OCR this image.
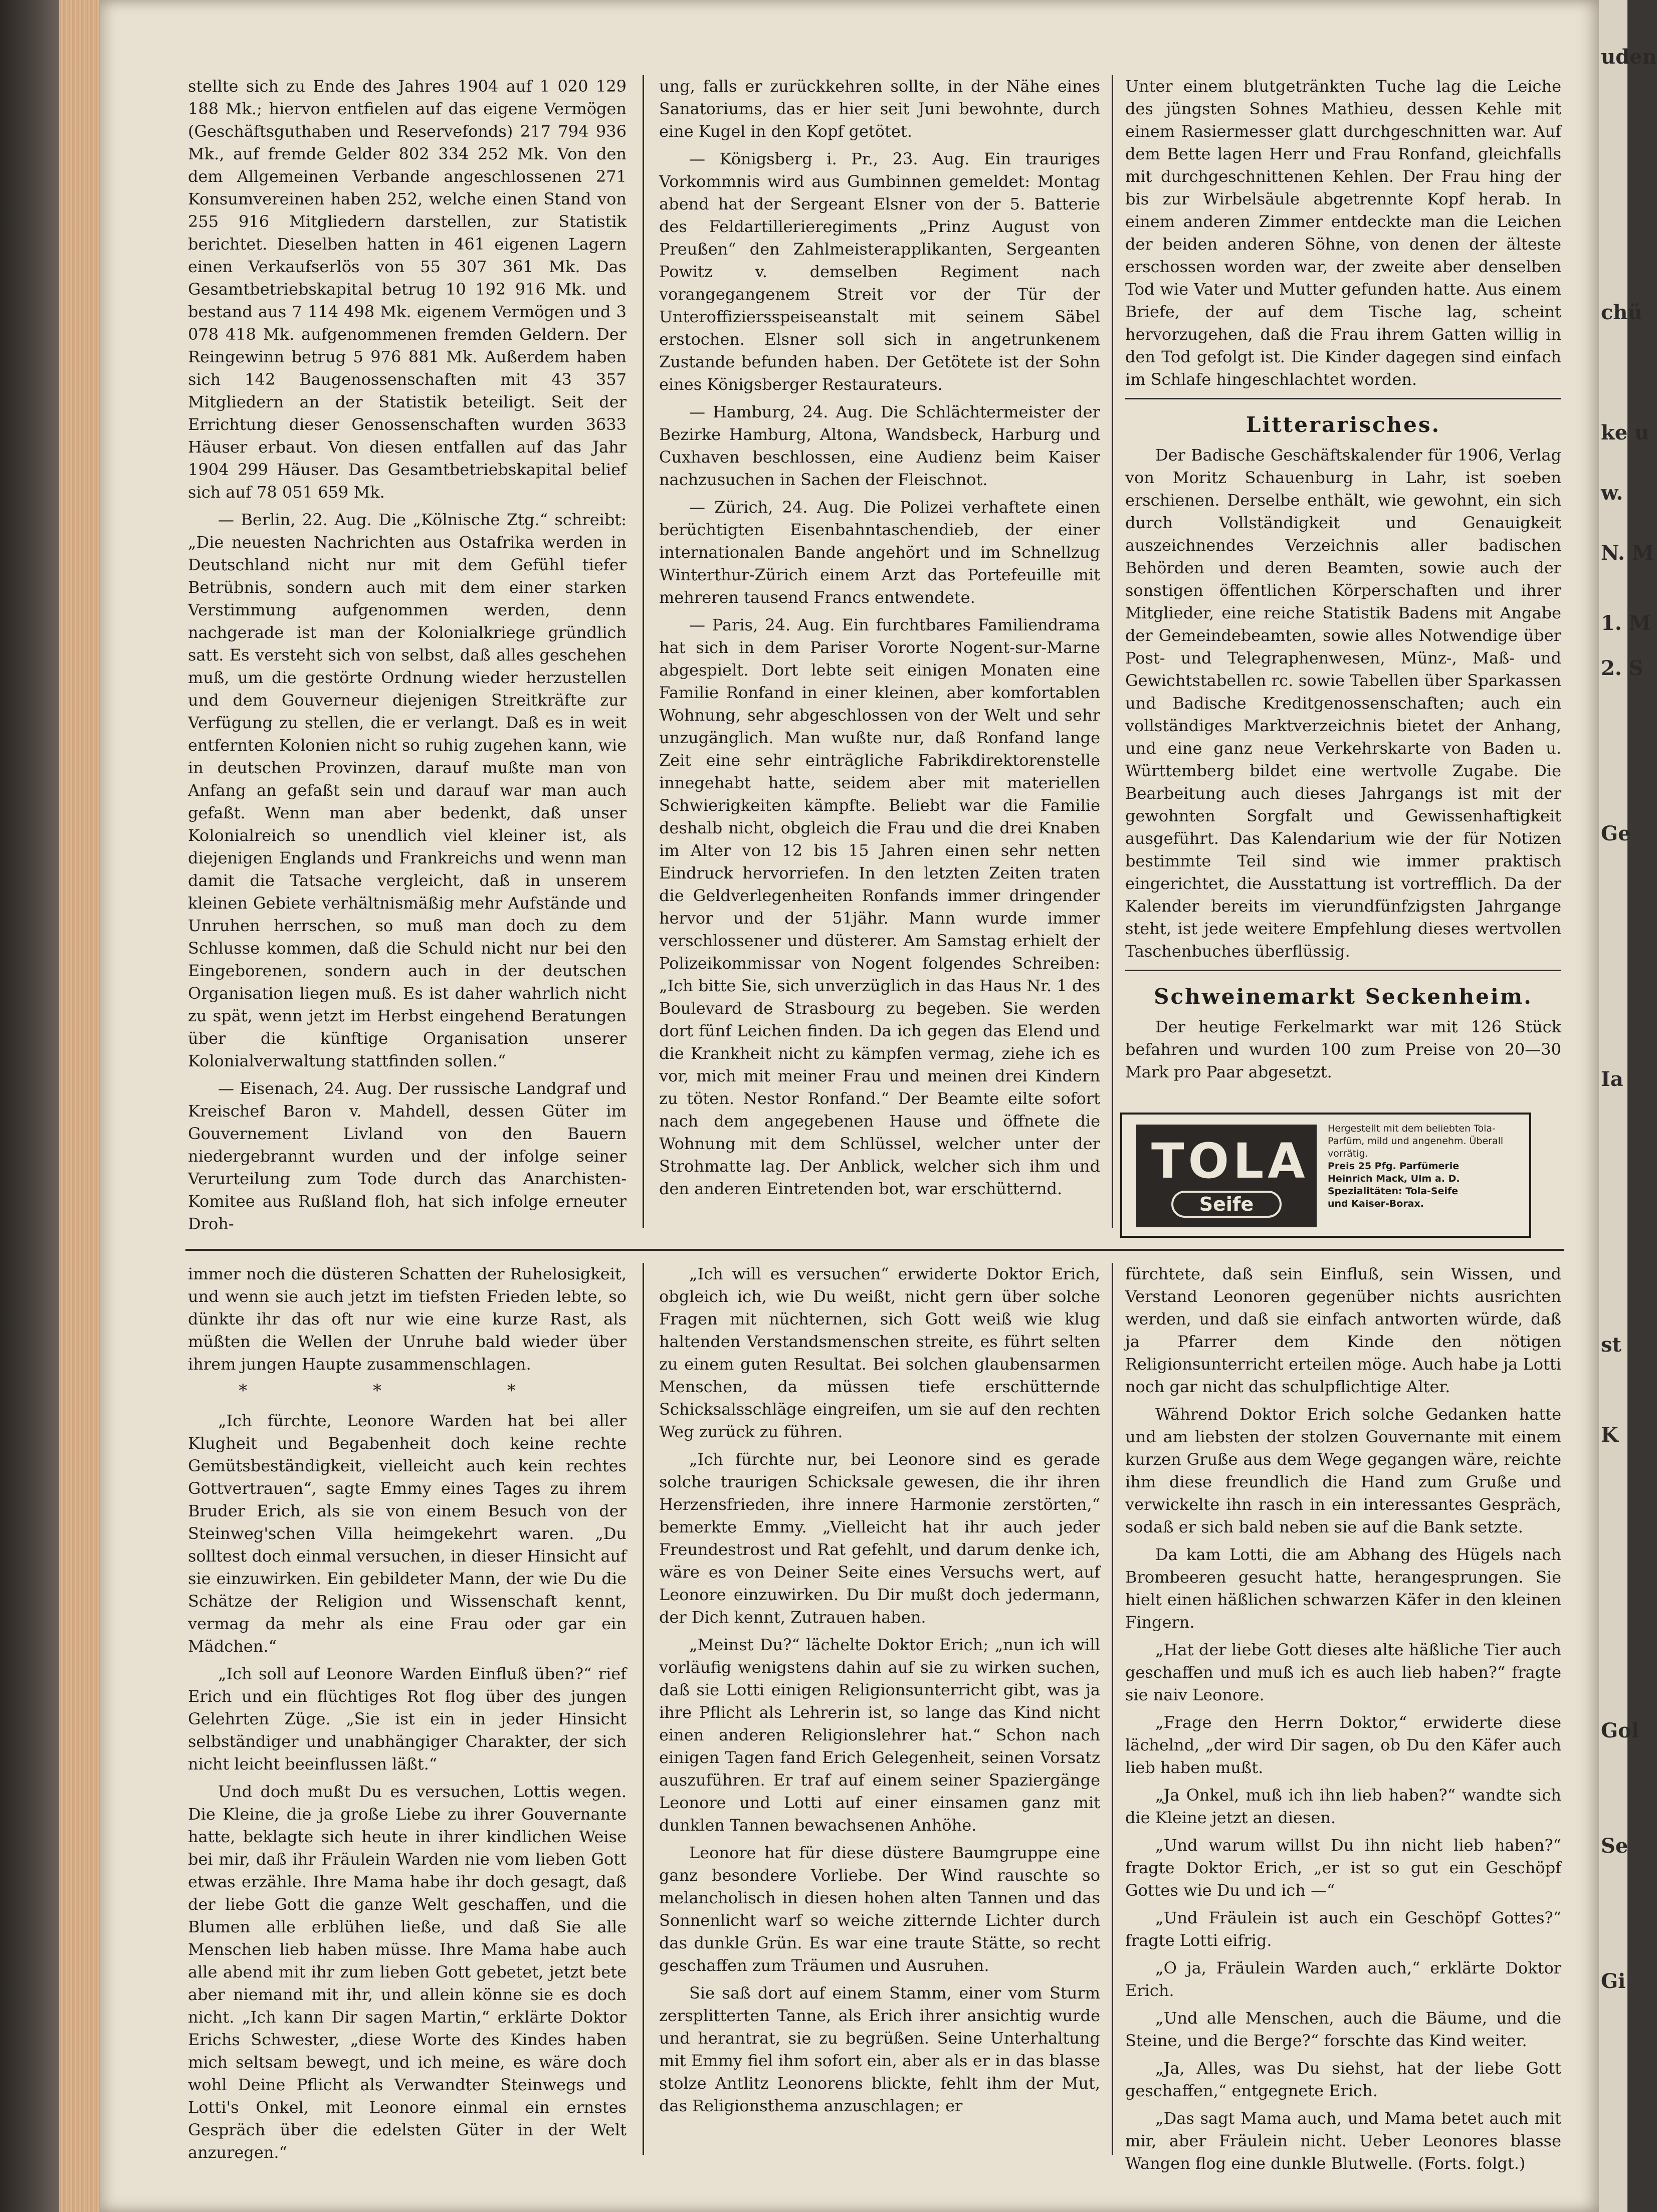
stellte sich zu Ende des Jahres 1904 auf 1 020 129 188 Mk.; hiervon entfielen auf das eigene Vermögen (Geschäftsguthaben und Reservefonds) 217 794 936 Mk., auf fremde Gelder 802 334 252 Mk. Von den dem Allgemeinen Verbande angeschlossenen 271 Konsumvereinen haben 252, welche einen Stand von 255 916 Mitgliedern darstellen, zur Statistik berichtet. Dieselben hatten in 461 eigenen Lagern einen Verkaufserlös von 55 307 361 Mk. Das Gesamtbetriebskapital betrug 10 192 916 Mk. und bestand aus 7 114 498 Mk. eigenem Vermögen und 3 078 418 Mk. aufgenommenen fremden Geldern. Der Reingewinn betrug 5 976 881 Mk. Außerdem haben sich 142 Baugenossenschaften mit 43 357 Mitgliedern an der Statistik beteiligt. Seit der Errichtung dieser Genossenschaften wurden 3633 Häuser erbaut. Von diesen entfallen auf das Jahr 1904 299 Häuser. Das Gesamtbetriebskapital belief sich auf 78 051 659 Mk.

— Berlin, 22. Aug. Die „Kölnische Ztg.“ schreibt: „Die neuesten Nachrichten aus Ostafrika werden in Deutschland nicht nur mit dem Gefühl tiefer Betrübnis, sondern auch mit dem einer starken Verstimmung aufgenommen werden, denn nachgerade ist man der Kolonialkriege gründlich satt. Es versteht sich von selbst, daß alles geschehen muß, um die gestörte Ordnung wieder herzustellen und dem Gouverneur diejenigen Streitkräfte zur Verfügung zu stellen, die er verlangt. Daß es in weit entfernten Kolonien nicht so ruhig zugehen kann, wie in deutschen Provinzen, darauf mußte man von Anfang an gefaßt sein und darauf war man auch gefaßt. Wenn man aber bedenkt, daß unser Kolonialreich so unendlich viel kleiner ist, als diejenigen Englands und Frankreichs und wenn man damit die Tatsache vergleicht, daß in unserem kleinen Gebiete verhältnismäßig mehr Aufstände und Unruhen herrschen, so muß man doch zu dem Schlusse kommen, daß die Schuld nicht nur bei den Eingeborenen, sondern auch in der deutschen Organisation liegen muß. Es ist daher wahrlich nicht zu spät, wenn jetzt im Herbst eingehend Beratungen über die künftige Organisation unserer Kolonialverwaltung stattfinden sollen.“

— Eisenach, 24. Aug. Der russische Landgraf und Kreischef Baron v. Mahdell, dessen Güter im Gouvernement Livland von den Bauern niedergebrannt wurden und der infolge seiner Verurteilung zum Tode durch das Anarchisten-Komitee aus Rußland floh, hat sich infolge erneuter Droh-

ung, falls er zurückkehren sollte, in der Nähe eines Sanatoriums, das er hier seit Juni bewohnte, durch eine Kugel in den Kopf getötet.

— Königsberg i. Pr., 23. Aug. Ein trauriges Vorkommnis wird aus Gumbinnen gemeldet: Montag abend hat der Sergeant Elsner von der 5. Batterie des Feldartillerieregiments „Prinz August von Preußen“ den Zahlmeisterapplikanten, Sergeanten Powitz v. demselben Regiment nach vorangegangenem Streit vor der Tür der Unteroffiziersspeiseanstalt mit seinem Säbel erstochen. Elsner soll sich in angetrunkenem Zustande befunden haben. Der Getötete ist der Sohn eines Königsberger Restaurateurs.

— Hamburg, 24. Aug. Die Schlächtermeister der Bezirke Hamburg, Altona, Wandsbeck, Harburg und Cuxhaven beschlossen, eine Audienz beim Kaiser nachzusuchen in Sachen der Fleischnot.

— Zürich, 24. Aug. Die Polizei verhaftete einen berüchtigten Eisenbahntaschendieb, der einer internationalen Bande angehört und im Schnellzug Winterthur-Zürich einem Arzt das Portefeuille mit mehreren tausend Francs entwendete.

— Paris, 24. Aug. Ein furchtbares Familiendrama hat sich in dem Pariser Vororte Nogent-sur-Marne abgespielt. Dort lebte seit einigen Monaten eine Familie Ronfand in einer kleinen, aber komfortablen Wohnung, sehr abgeschlossen von der Welt und sehr unzugänglich. Man wußte nur, daß Ronfand lange Zeit eine sehr einträgliche Fabrikdirektorenstelle innegehabt hatte, seidem aber mit materiellen Schwierigkeiten kämpfte. Beliebt war die Familie deshalb nicht, obgleich die Frau und die drei Knaben im Alter von 12 bis 15 Jahren einen sehr netten Eindruck hervorriefen. In den letzten Zeiten traten die Geldverlegenheiten Ronfands immer dringender hervor und der 51jähr. Mann wurde immer verschlossener und düsterer. Am Samstag erhielt der Polizeikommissar von Nogent folgendes Schreiben: „Ich bitte Sie, sich unverzüglich in das Haus Nr. 1 des Boulevard de Strasbourg zu begeben. Sie werden dort fünf Leichen finden. Da ich gegen das Elend und die Krankheit nicht zu kämpfen vermag, ziehe ich es vor, mich mit meiner Frau und meinen drei Kindern zu töten. Nestor Ronfand.“ Der Beamte eilte sofort nach dem angegebenen Hause und öffnete die Wohnung mit dem Schlüssel, welcher unter der Strohmatte lag. Der Anblick, welcher sich ihm und den anderen Eintretenden bot, war erschütternd.

Unter einem blutgetränkten Tuche lag die Leiche des jüngsten Sohnes Mathieu, dessen Kehle mit einem Rasiermesser glatt durchgeschnitten war. Auf dem Bette lagen Herr und Frau Ronfand, gleichfalls mit durchgeschnittenen Kehlen. Der Frau hing der bis zur Wirbelsäule abgetrennte Kopf herab. In einem anderen Zimmer entdeckte man die Leichen der beiden anderen Söhne, von denen der älteste erschossen worden war, der zweite aber denselben Tod wie Vater und Mutter gefunden hatte. Aus einem Briefe, der auf dem Tische lag, scheint hervorzugehen, daß die Frau ihrem Gatten willig in den Tod gefolgt ist. Die Kinder dagegen sind einfach im Schlafe hingeschlachtet worden.

Litterarisches.

Der Badische Geschäftskalender für 1906, Verlag von Moritz Schauenburg in Lahr, ist soeben erschienen. Derselbe enthält, wie gewohnt, ein sich durch Vollständigkeit und Genauigkeit auszeichnendes Verzeichnis aller badischen Behörden und deren Beamten, sowie auch der sonstigen öffentlichen Körperschaften und ihrer Mitglieder, eine reiche Statistik Badens mit Angabe der Gemeindebeamten, sowie alles Notwendige über Post- und Telegraphenwesen, Münz-, Maß- und Gewichtstabellen rc. sowie Tabellen über Sparkassen und Badische Kreditgenossenschaften; auch ein vollständiges Marktverzeichnis bietet der Anhang, und eine ganz neue Verkehrskarte von Baden u. Württemberg bildet eine wertvolle Zugabe. Die Bearbeitung auch dieses Jahrgangs ist mit der gewohnten Sorgfalt und Gewissenhaftigkeit ausgeführt. Das Kalendarium wie der für Notizen bestimmte Teil sind wie immer praktisch eingerichtet, die Ausstattung ist vortrefflich. Da der Kalender bereits im vierundfünfzigsten Jahrgange steht, ist jede weitere Empfehlung dieses wertvollen Taschenbuches überflüssig.

Schweinemarkt Seckenheim.

Der heutige Ferkelmarkt war mit 126 Stück befahren und wurden 100 zum Preise von 20—30 Mark pro Paar abgesetzt.

TOLA
Seife
Hergestellt mit dem beliebten Tola-Parfüm, mild und angenehm. Überall vorrätig.
Preis 25 Pfg. Parfümerie
Heinrich Mack, Ulm a. D.
Spezialitäten: Tola-Seife
und Kaiser-Borax.

immer noch die düsteren Schatten der Ruhelosigkeit, und wenn sie auch jetzt im tiefsten Frieden lebte, so dünkte ihr das oft nur wie eine kurze Rast, als müßten die Wellen der Unruhe bald wieder über ihrem jungen Haupte zusammenschlagen.

* * *

„Ich fürchte, Leonore Warden hat bei aller Klugheit und Begabenheit doch keine rechte Gemütsbeständigkeit, vielleicht auch kein rechtes Gottvertrauen“, sagte Emmy eines Tages zu ihrem Bruder Erich, als sie von einem Besuch von der Steinweg'schen Villa heimgekehrt waren. „Du solltest doch einmal versuchen, in dieser Hinsicht auf sie einzuwirken. Ein gebildeter Mann, der wie Du die Schätze der Religion und Wissenschaft kennt, vermag da mehr als eine Frau oder gar ein Mädchen.“

„Ich soll auf Leonore Warden Einfluß üben?“ rief Erich und ein flüchtiges Rot flog über des jungen Gelehrten Züge. „Sie ist ein in jeder Hinsicht selbständiger und unabhängiger Charakter, der sich nicht leicht beeinflussen läßt.“

Und doch mußt Du es versuchen, Lottis wegen. Die Kleine, die ja große Liebe zu ihrer Gouvernante hatte, beklagte sich heute in ihrer kindlichen Weise bei mir, daß ihr Fräulein Warden nie vom lieben Gott etwas erzähle. Ihre Mama habe ihr doch gesagt, daß der liebe Gott die ganze Welt geschaffen, und die Blumen alle erblühen ließe, und daß Sie alle Menschen lieb haben müsse. Ihre Mama habe auch alle abend mit ihr zum lieben Gott gebetet, jetzt bete aber niemand mit ihr, und allein könne sie es doch nicht. „Ich kann Dir sagen Martin,“ erklärte Doktor Erichs Schwester, „diese Worte des Kindes haben mich seltsam bewegt, und ich meine, es wäre doch wohl Deine Pflicht als Verwandter Steinwegs und Lotti's Onkel, mit Leonore einmal ein ernstes Gespräch über die edelsten Güter in der Welt anzuregen.“

„Ich will es versuchen“ erwiderte Doktor Erich, obgleich ich, wie Du weißt, nicht gern über solche Fragen mit nüchternen, sich Gott weiß wie klug haltenden Verstandsmenschen streite, es führt selten zu einem guten Resultat. Bei solchen glaubensarmen Menschen, da müssen tiefe erschütternde Schicksalsschläge eingreifen, um sie auf den rechten Weg zurück zu führen.

„Ich fürchte nur, bei Leonore sind es gerade solche traurigen Schicksale gewesen, die ihr ihren Herzensfrieden, ihre innere Harmonie zerstörten,“ bemerkte Emmy. „Vielleicht hat ihr auch jeder Freundestrost und Rat gefehlt, und darum denke ich, wäre es von Deiner Seite eines Versuchs wert, auf Leonore einzuwirken. Du Dir mußt doch jedermann, der Dich kennt, Zutrauen haben.

„Meinst Du?“ lächelte Doktor Erich; „nun ich will vorläufig wenigstens dahin auf sie zu wirken suchen, daß sie Lotti einigen Religionsunterricht gibt, was ja ihre Pflicht als Lehrerin ist, so lange das Kind nicht einen anderen Religionslehrer hat.“ Schon nach einigen Tagen fand Erich Gelegenheit, seinen Vorsatz auszuführen. Er traf auf einem seiner Spaziergänge Leonore und Lotti auf einer einsamen ganz mit dunklen Tannen bewachsenen Anhöhe.

Leonore hat für diese düstere Baumgruppe eine ganz besondere Vorliebe. Der Wind rauschte so melancholisch in diesen hohen alten Tannen und das Sonnenlicht warf so weiche zitternde Lichter durch das dunkle Grün. Es war eine traute Stätte, so recht geschaffen zum Träumen und Ausruhen.

Sie saß dort auf einem Stamm, einer vom Sturm zersplitterten Tanne, als Erich ihrer ansichtig wurde und herantrat, sie zu begrüßen. Seine Unterhaltung mit Emmy fiel ihm sofort ein, aber als er in das blasse stolze Antlitz Leonorens blickte, fehlt ihm der Mut, das Religionsthema anzuschlagen; er

fürchtete, daß sein Einfluß, sein Wissen, und Verstand Leonoren gegenüber nichts ausrichten werden, und daß sie einfach antworten würde, daß ja Pfarrer dem Kinde den nötigen Religionsunterricht erteilen möge. Auch habe ja Lotti noch gar nicht das schulpflichtige Alter.

Während Doktor Erich solche Gedanken hatte und am liebsten der stolzen Gouvernante mit einem kurzen Gruße aus dem Wege gegangen wäre, reichte ihm diese freundlich die Hand zum Gruße und verwickelte ihn rasch in ein interessantes Gespräch, sodaß er sich bald neben sie auf die Bank setzte.

Da kam Lotti, die am Abhang des Hügels nach Brombeeren gesucht hatte, herangesprungen. Sie hielt einen häßlichen schwarzen Käfer in den kleinen Fingern.

„Hat der liebe Gott dieses alte häßliche Tier auch geschaffen und muß ich es auch lieb haben?“ fragte sie naiv Leonore.

„Frage den Herrn Doktor,“ erwiderte diese lächelnd, „der wird Dir sagen, ob Du den Käfer auch lieb haben mußt.

„Ja Onkel, muß ich ihn lieb haben?“ wandte sich die Kleine jetzt an diesen.

„Und warum willst Du ihn nicht lieb haben?“ fragte Doktor Erich, „er ist so gut ein Geschöpf Gottes wie Du und ich —“

„Und Fräulein ist auch ein Geschöpf Gottes?“ fragte Lotti eifrig.

„O ja, Fräulein Warden auch,“ erklärte Doktor Erich.

„Und alle Menschen, auch die Bäume, und die Steine, und die Berge?“ forschte das Kind weiter.

„Ja, Alles, was Du siehst, hat der liebe Gott geschaffen,“ entgegnete Erich.

„Das sagt Mama auch, und Mama betet auch mit mir, aber Fräulein nicht. Ueber Leonores blasse Wangen flog eine dunkle Blutwelle. (Forts. folgt.)

uden
chü
ke u
w.
N. M
1. M
2. S
Ge
Ia
st
K
Gol
Se
Gi
